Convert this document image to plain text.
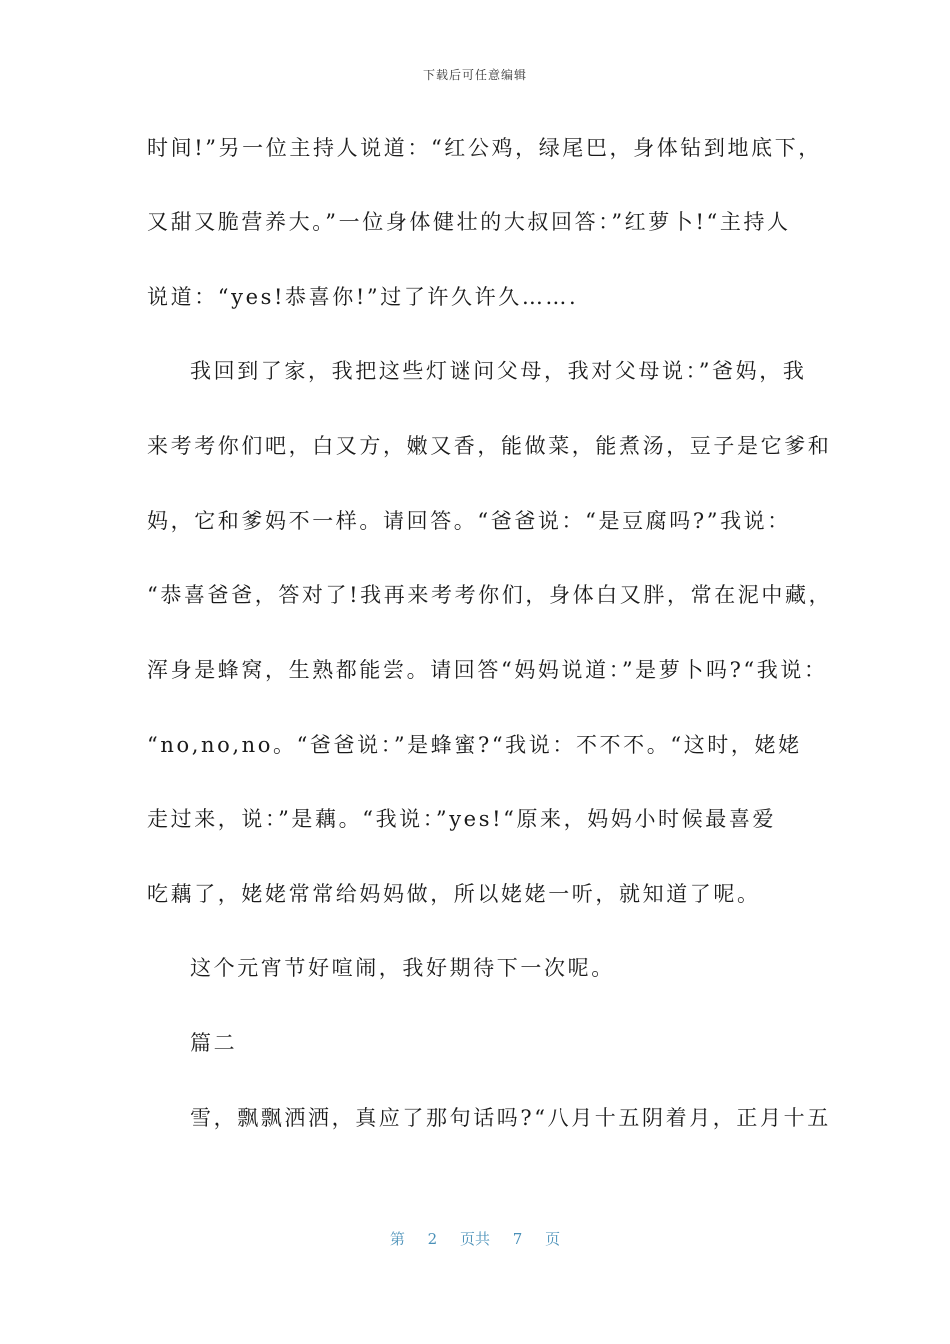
下载后可任意编辑
时间!”另一位主持人说道：“红公鸡，绿尾巴，身体钻到地底下，
又甜又脆营养大。”一位身体健壮的大叔回答：”红萝卜!“主持人
说道：“yes!恭喜你!”过了许久许久…….
我回到了家，我把这些灯谜问父母，我对父母说：”爸妈，我
来考考你们吧，白又方，嫩又香，能做菜，能煮汤，豆子是它爹和
妈，它和爹妈不一样。请回答。“爸爸说：“是豆腐吗?”我说：
“恭喜爸爸，答对了!我再来考考你们，身体白又胖，常在泥中藏，
浑身是蜂窝，生熟都能尝。请回答“妈妈说道：”是萝卜吗?“我说：
“no,no,no。“爸爸说：”是蜂蜜?“我说：不不不。“这时，姥姥
走过来，说：”是藕。“我说：”yes!“原来，妈妈小时候最喜爱
吃藕了，姥姥常常给妈妈做，所以姥姥一听，就知道了呢。
这个元宵节好喧闹，我好期待下一次呢。
篇二
雪，飘飘洒洒，真应了那句话吗?“八月十五阴着月，正月十五
第 2 页共 7 页
